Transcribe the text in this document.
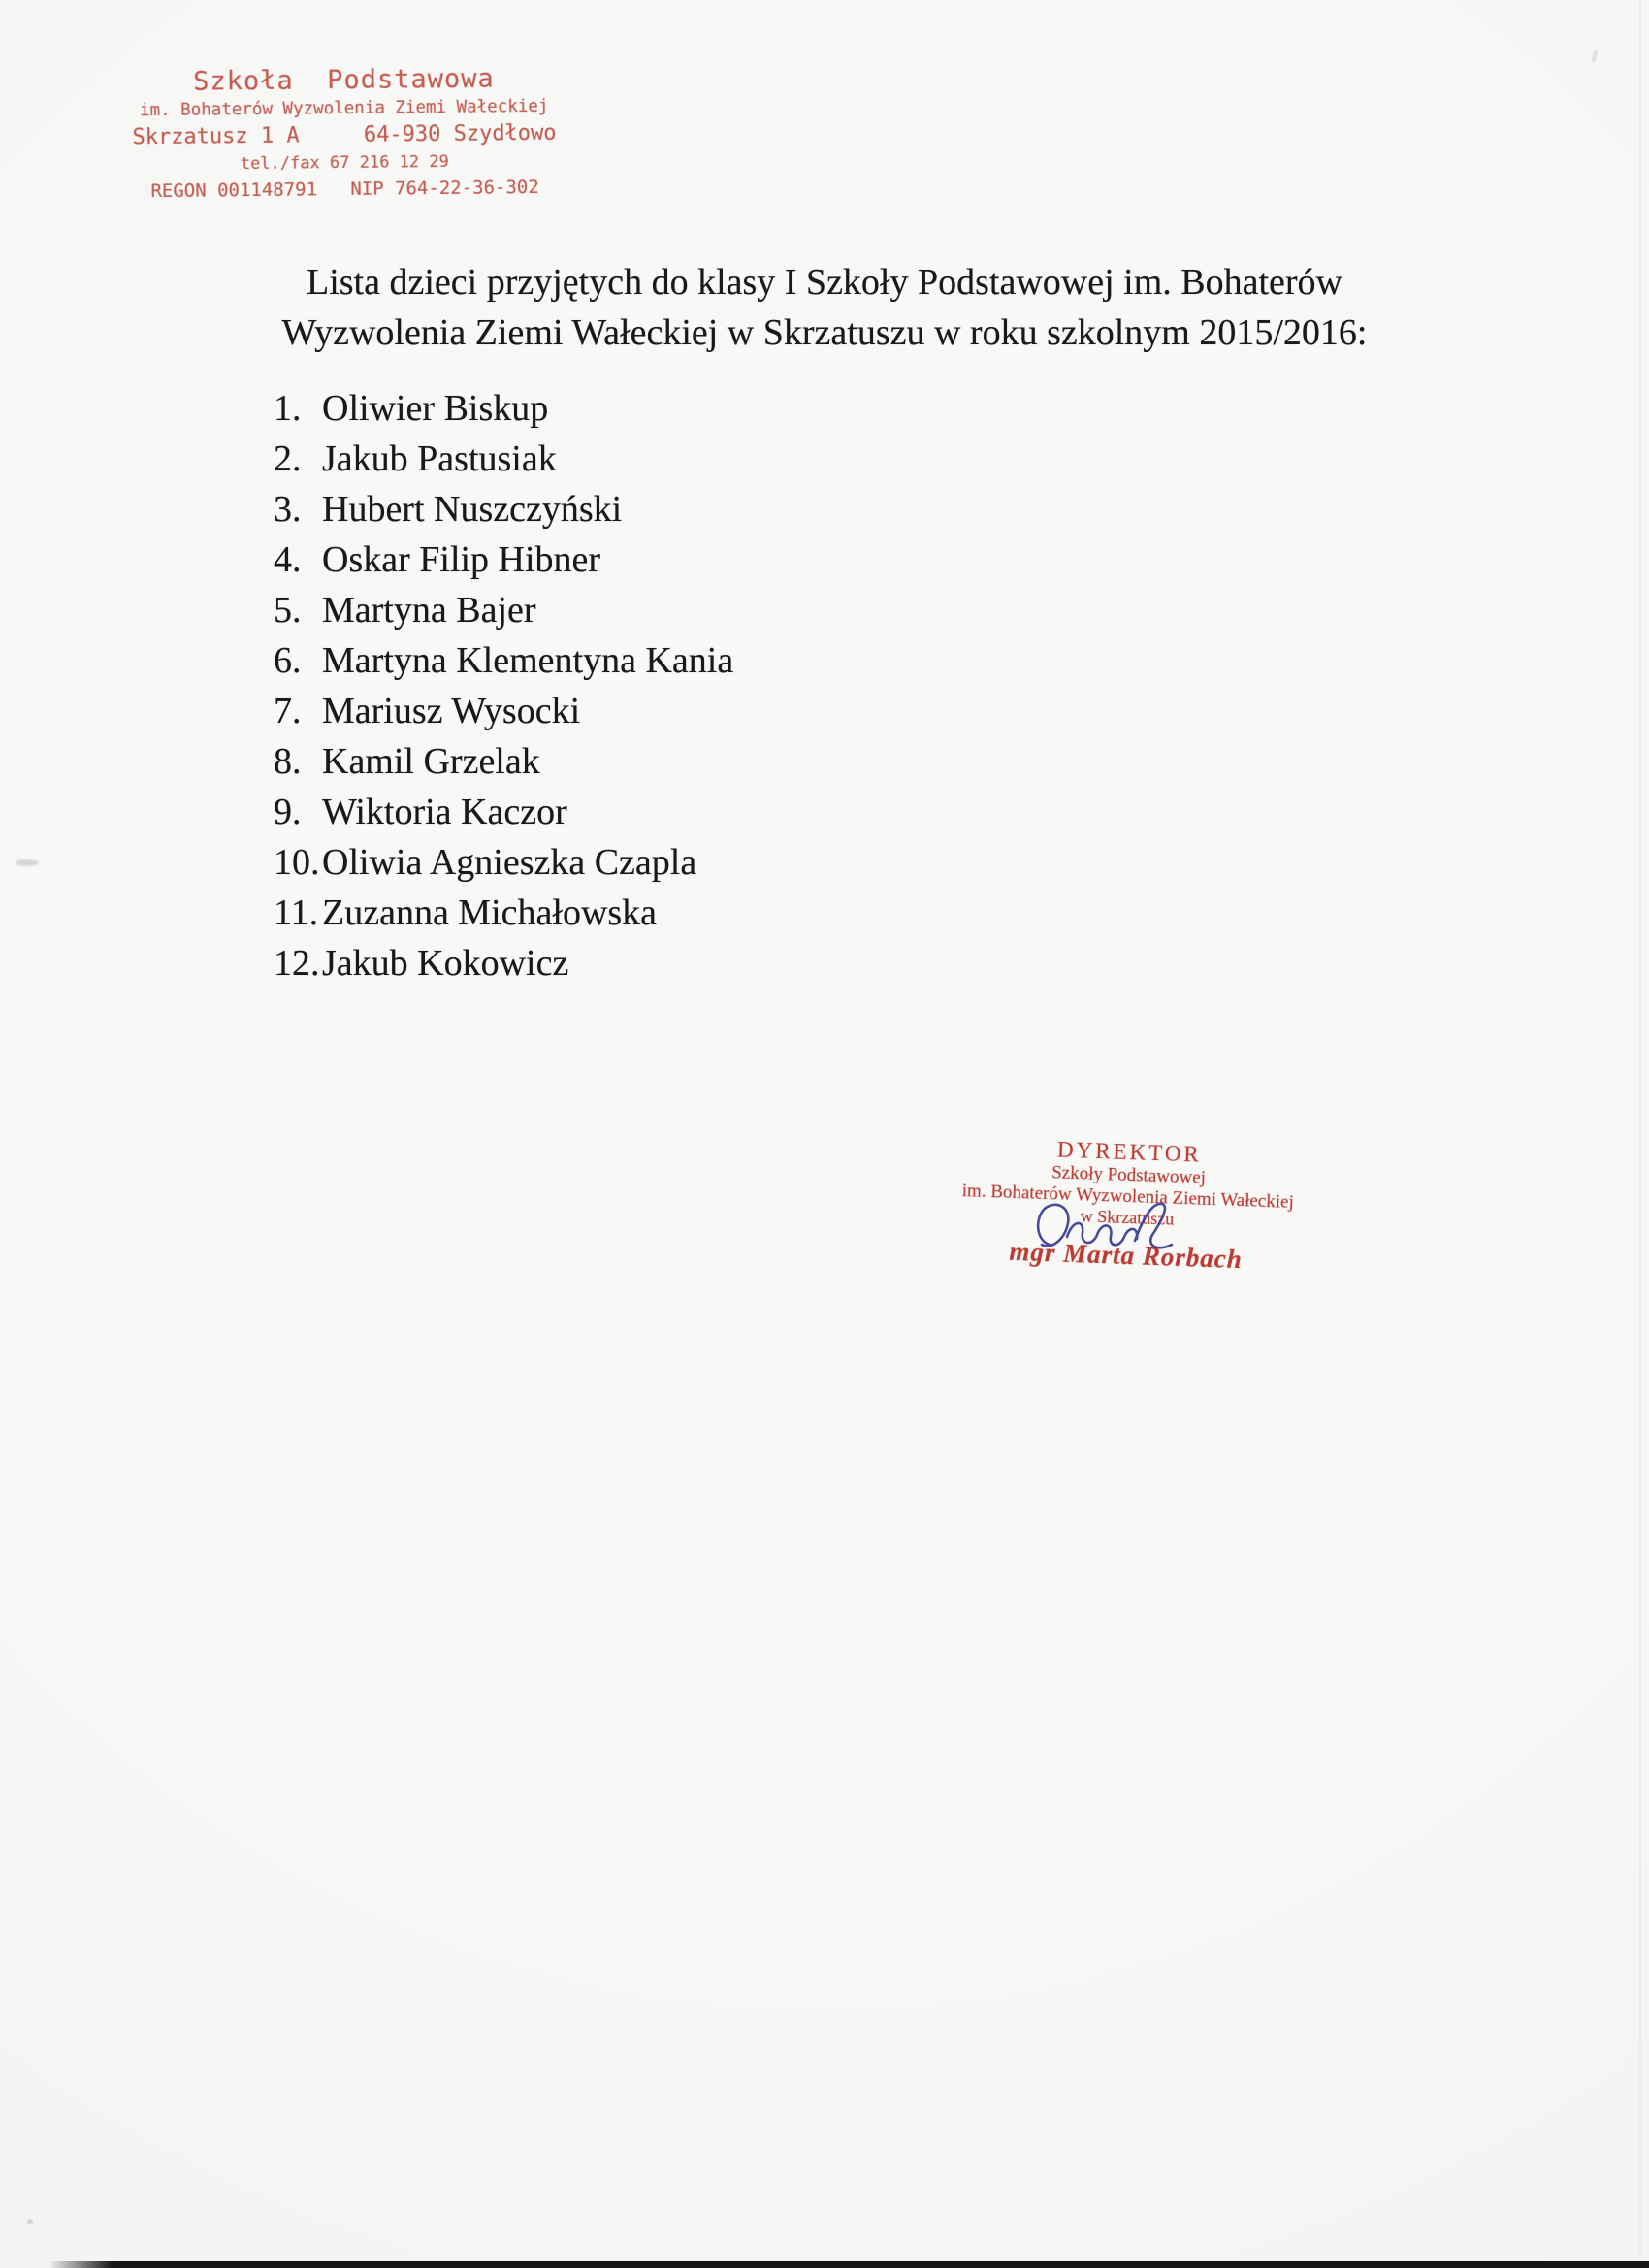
Szkoła  Podstawowa
im. Bohaterów Wyzwolenia Ziemi Wałeckiej
Skrzatusz 1 A     64-930 Szydłowo
tel./fax 67 216 12 29
REGON 001148791   NIP 764-22-36-302
Lista dzieci przyjętych do klasy I Szkoły Podstawowej im. Bohaterów
Wyzwolenia Ziemi Wałeckiej w Skrzatuszu w roku szkolnym 2015/2016:
1. Oliwier Biskup
2. Jakub Pastusiak
3. Hubert Nuszczyński
4. Oskar Filip Hibner
5. Martyna Bajer
6. Martyna Klementyna Kania
7. Mariusz Wysocki
8. Kamil Grzelak
9. Wiktoria Kaczor
10. Oliwia Agnieszka Czapla
11. Zuzanna Michałowska
12. Jakub Kokowicz
DYREKTOR
Szkoły Podstawowej
im. Bohaterów Wyzwolenia Ziemi Wałeckiej
w Skrzatuszu
mgr Marta Rorbach
